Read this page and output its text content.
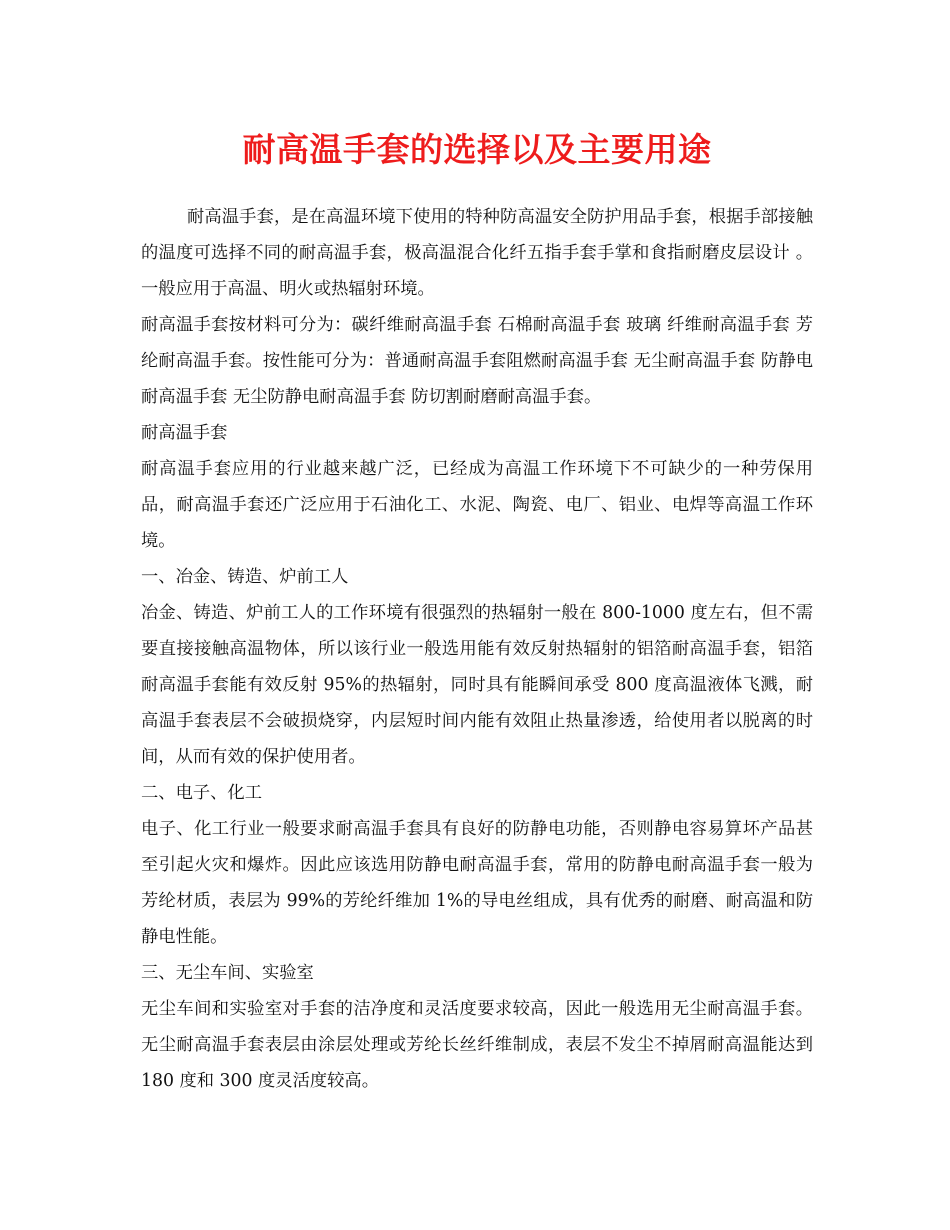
耐高温手套的选择以及主要用途

耐高温手套，是在高温环境下使用的特种防高温安全防护用品手套，根据手部接触的温度可选择不同的耐高温手套，极高温混合化纤五指手套手掌和食指耐磨皮层设计 。一般应用于高温、明火或热辐射环境。

耐高温手套按材料可分为：碳纤维耐高温手套 石棉耐高温手套 玻璃 纤维耐高温手套 芳纶耐高温手套。按性能可分为：普通耐高温手套阻燃耐高温手套 无尘耐高温手套 防静电耐高温手套 无尘防静电耐高温手套 防切割耐磨耐高温手套。

耐高温手套

耐高温手套应用的行业越来越广泛，已经成为高温工作环境下不可缺少的一种劳保用品，耐高温手套还广泛应用于石油化工、水泥、陶瓷、电厂、铝业、电焊等高温工作环境。

一、冶金、铸造、炉前工人

冶金、铸造、炉前工人的工作环境有很强烈的热辐射一般在 800-1000 度左右，但不需要直接接触高温物体，所以该行业一般选用能有效反射热辐射的铝箔耐高温手套，铝箔耐高温手套能有效反射 95%的热辐射，同时具有能瞬间承受 800 度高温液体飞溅，耐高温手套表层不会破损烧穿，内层短时间内能有效阻止热量渗透，给使用者以脱离的时间，从而有效的保护使用者。

二、电子、化工

电子、化工行业一般要求耐高温手套具有良好的防静电功能，否则静电容易算坏产品甚至引起火灾和爆炸。因此应该选用防静电耐高温手套，常用的防静电耐高温手套一般为芳纶材质，表层为 99%的芳纶纤维加 1%的导电丝组成，具有优秀的耐磨、耐高温和防静电性能。

三、无尘车间、实验室

无尘车间和实验室对手套的洁净度和灵活度要求较高，因此一般选用无尘耐高温手套。无尘耐高温手套表层由涂层处理或芳纶长丝纤维制成，表层不发尘不掉屑耐高温能达到 180 度和 300 度灵活度较高。
